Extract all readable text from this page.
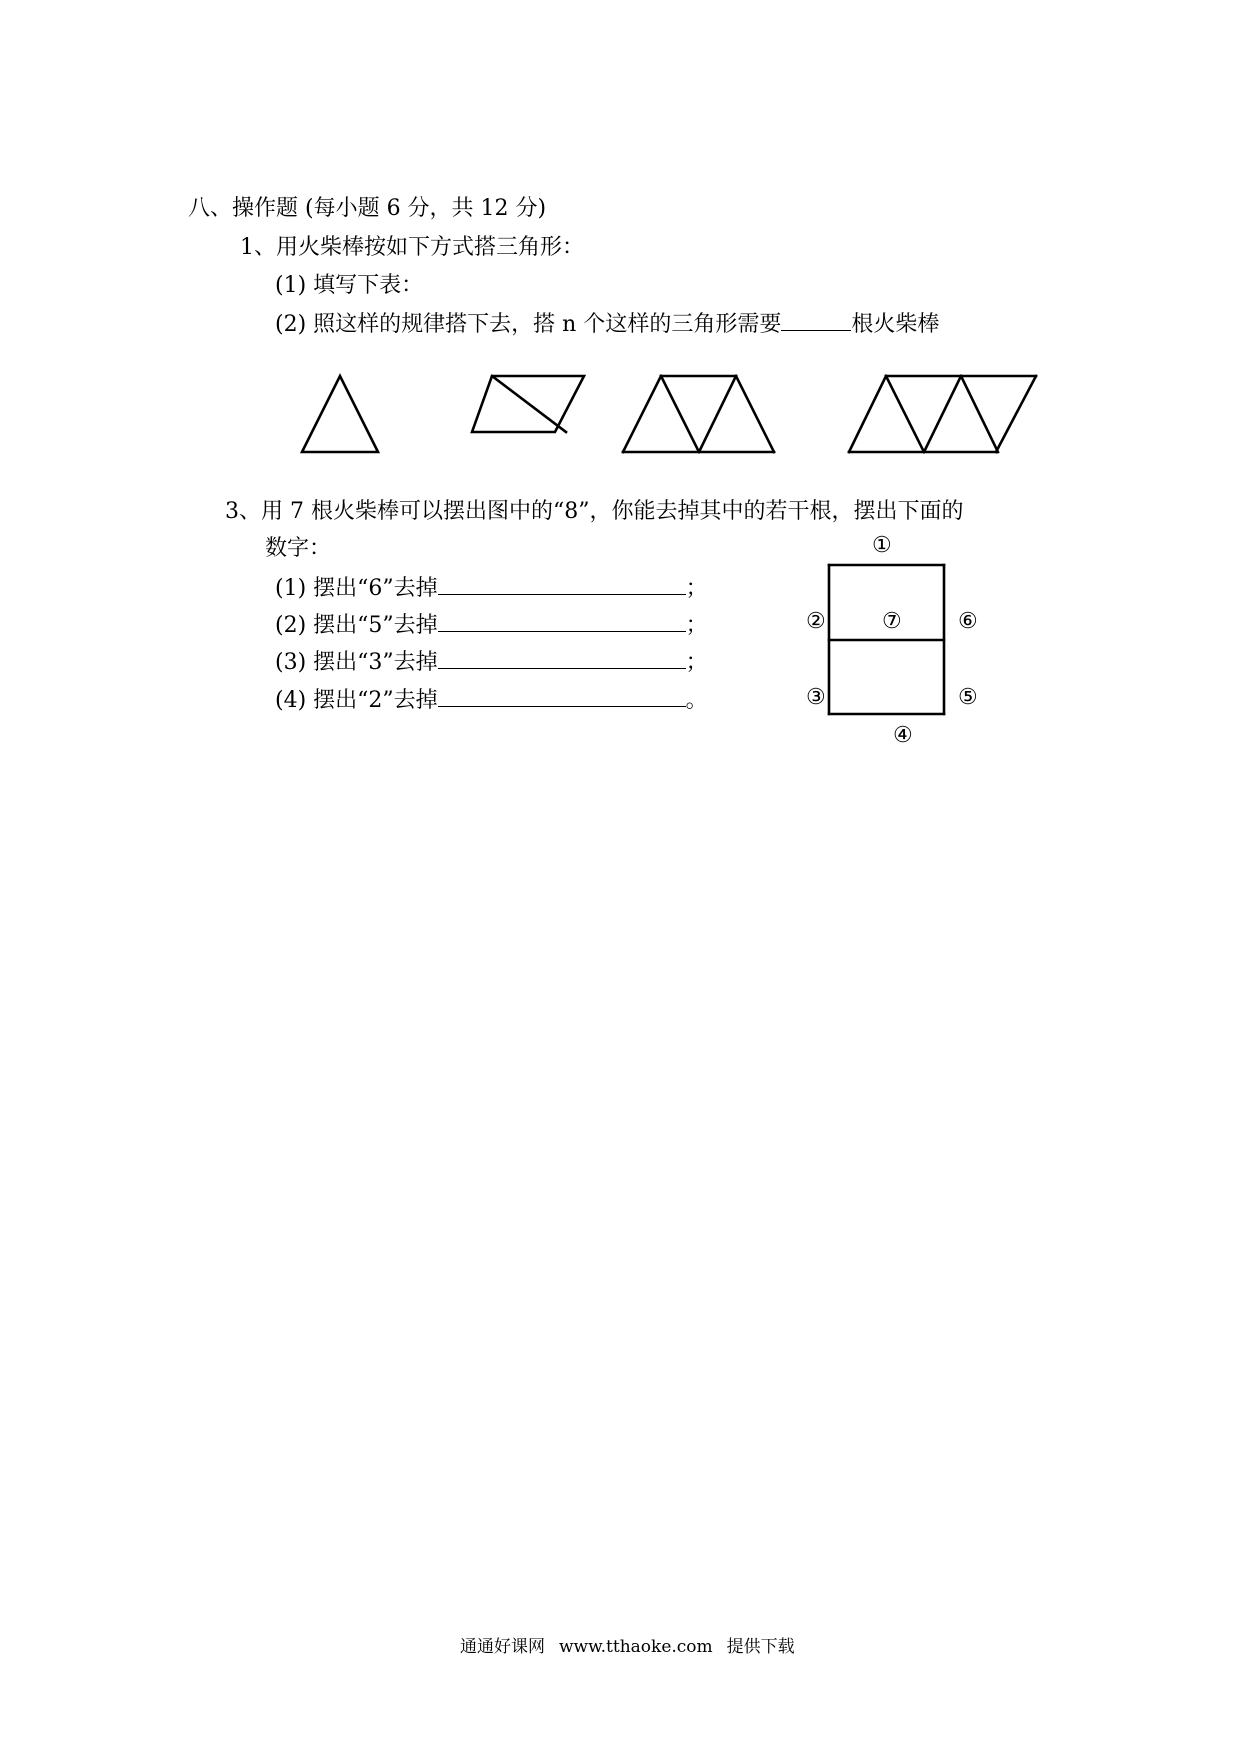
八、操作题 (每小题 6 分，共 12 分)
1、用火柴棒按如下方式搭三角形：
(1) 填写下表：
(2) 照这样的规律搭下去，搭 n 个这样的三角形需要	根火柴棒
3、用 7 根火柴棒可以摆出图中的“8”，你能去掉其中的若干根，摆出下面的
数字：
(1) 摆出“6”去掉	；
(2) 摆出“5”去掉	；
(3) 摆出“3”去掉	；
(4) 摆出“2”去掉	。
①
②	⑦	⑥
③	⑤
④
通通好课网 www.tthaoke.com 提供下载
